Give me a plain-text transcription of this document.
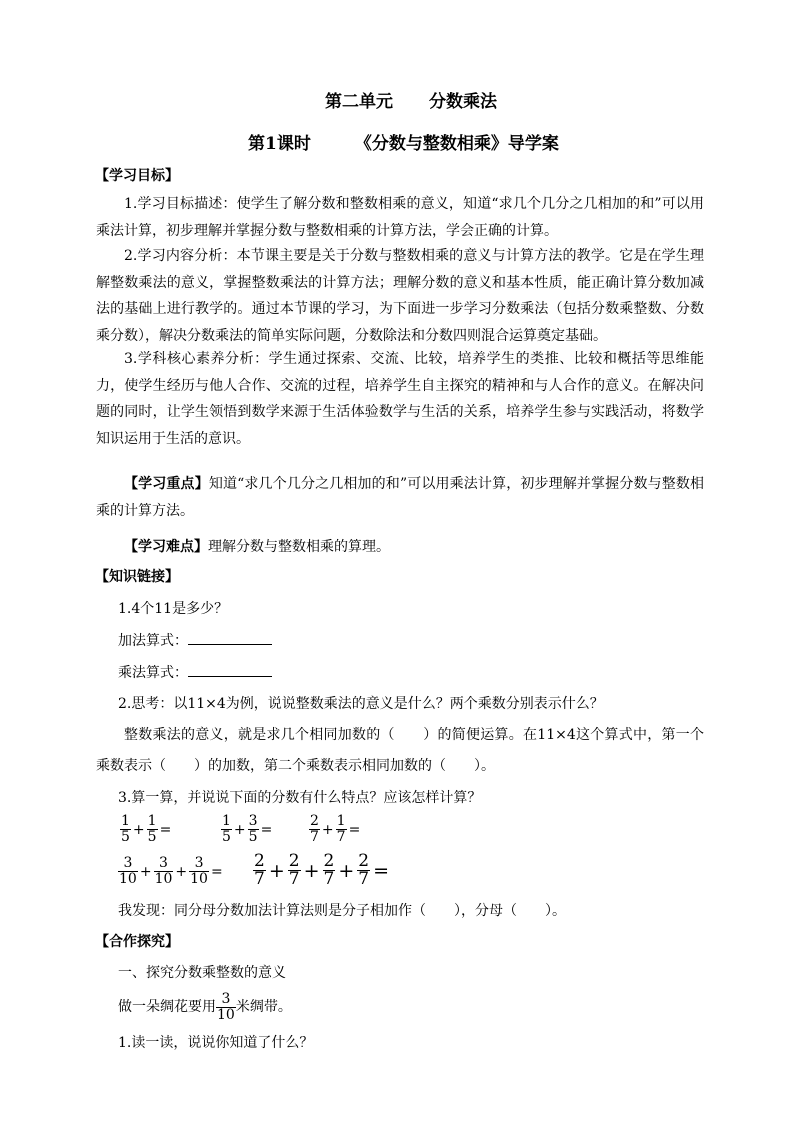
第二单元 分数乘法
第1课时	《分数与整数相乘》导学案
【学习目标】
1.学习目标描述：使学生了解分数和整数相乘的意义，知道“求几个几分之几相加的和”可以用乘法计算，初步理解并掌握分数与整数相乘的计算方法，学会正确的计算。
2.学习内容分析：本节课主要是关于分数与整数相乘的意义与计算方法的教学。它是在学生理解整数乘法的意义，掌握整数乘法的计算方法；理解分数的意义和基本性质，能正确计算分数加减法的基础上进行教学的。通过本节课的学习，为下面进一步学习分数乘法（包括分数乘整数、分数乘分数），解决分数乘法的简单实际问题，分数除法和分数四则混合运算奠定基础。
3.学科核心素养分析：学生通过探索、交流、比较，培养学生的类推、比较和概括等思维能力，使学生经历与他人合作、交流的过程，培养学生自主探究的精神和与人合作的意义。在解决问题的同时，让学生领悟到数学来源于生活体验数学与生活的关系，培养学生参与实践活动，将数学知识运用于生活的意识。
【学习重点】知道“求几个几分之几相加的和”可以用乘法计算，初步理解并掌握分数与整数相乘的计算方法。
【学习难点】理解分数与整数相乘的算理。
【知识链接】
1.4个11是多少？
加法算式：
乘法算式：
2.思考：以11×4为例，说说整数乘法的意义是什么？两个乘数分别表示什么？
整数乘法的意义，就是求几个相同加数的（　　）的简便运算。在11×4这个算式中，第一个乘数表示（　　）的加数，第二个乘数表示相同加数的（　　）。
3.算一算，并说说下面的分数有什么特点？应该怎样计算？
$\frac{1}{5} + \frac{1}{5}$ =	$\frac{1}{5} + \frac{3}{5}$ =	$\frac{2}{7} + \frac{1}{7}$ =
$\frac{3}{10} + \frac{3}{10} + \frac{3}{10} = \frac{2}{7} + \frac{2}{7} + \frac{2}{7} + \frac{2}{7}$ =
我发现：同分母分数加法计算法则是分子相加作（　　），分母（　　）。
【合作探究】
一、探究分数乘整数的意义
做一朵绸花要用 $\frac{3}{10}$ 米绸带。
1.读一读，说说你知道了什么？
